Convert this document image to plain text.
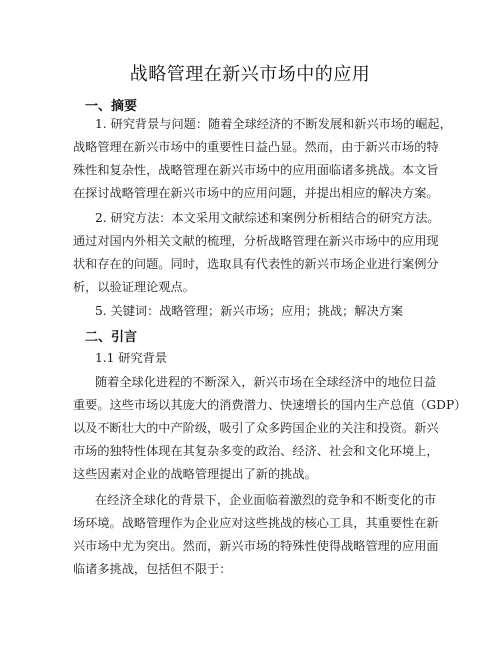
战略管理在新兴市场中的应用
一、摘要
1. 研究背景与问题：随着全球经济的不断发展和新兴市场的崛起，
战略管理在新兴市场中的重要性日益凸显。然而，由于新兴市场的特
殊性和复杂性，战略管理在新兴市场中的应用面临诸多挑战。本文旨
在探讨战略管理在新兴市场中的应用问题，并提出相应的解决方案。
2. 研究方法：本文采用文献综述和案例分析相结合的研究方法。
通过对国内外相关文献的梳理，分析战略管理在新兴市场中的应用现
状和存在的问题。同时，选取具有代表性的新兴市场企业进行案例分
析，以验证理论观点。
5. 关键词：战略管理；新兴市场；应用；挑战；解决方案
二、引言
1.1 研究背景
随着全球化进程的不断深入，新兴市场在全球经济中的地位日益
重要。这些市场以其庞大的消费潜力、快速增长的国内生产总值（GDP）
以及不断壮大的中产阶级，吸引了众多跨国企业的关注和投资。新兴
市场的独特性体现在其复杂多变的政治、经济、社会和文化环境上，
这些因素对企业的战略管理提出了新的挑战。
在经济全球化的背景下，企业面临着激烈的竞争和不断变化的市
场环境。战略管理作为企业应对这些挑战的核心工具，其重要性在新
兴市场中尤为突出。然而，新兴市场的特殊性使得战略管理的应用面
临诸多挑战，包括但不限于：
